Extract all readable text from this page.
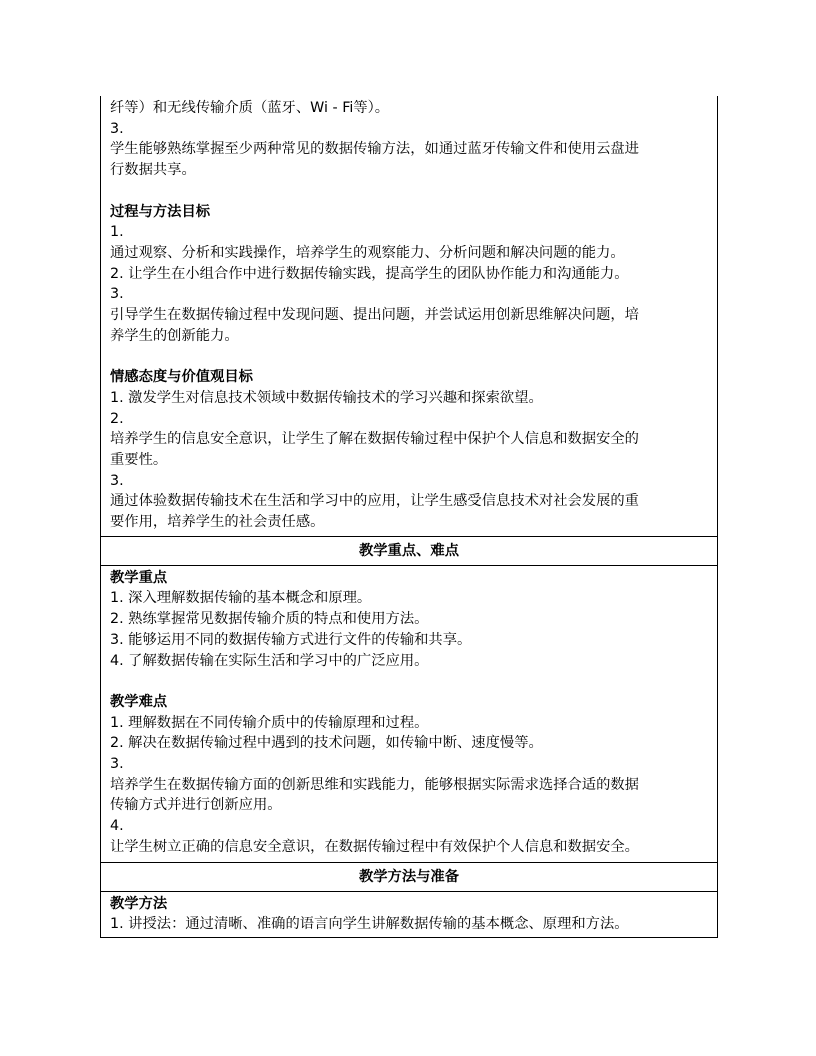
纤等）和无线传输介质（蓝牙、Wi - Fi等）。
3.
学生能够熟练掌握至少两种常见的数据传输方法，如通过蓝牙传输文件和使用云盘进
行数据共享。
过程与方法目标
1.
通过观察、分析和实践操作，培养学生的观察能力、分析问题和解决问题的能力。
2. 让学生在小组合作中进行数据传输实践，提高学生的团队协作能力和沟通能力。
3.
引导学生在数据传输过程中发现问题、提出问题，并尝试运用创新思维解决问题，培
养学生的创新能力。
情感态度与价值观目标
1. 激发学生对信息技术领域中数据传输技术的学习兴趣和探索欲望。
2.
培养学生的信息安全意识，让学生了解在数据传输过程中保护个人信息和数据安全的
重要性。
3.
通过体验数据传输技术在生活和学习中的应用，让学生感受信息技术对社会发展的重
要作用，培养学生的社会责任感。
教学重点、难点
教学重点
1. 深入理解数据传输的基本概念和原理。
2. 熟练掌握常见数据传输介质的特点和使用方法。
3. 能够运用不同的数据传输方式进行文件的传输和共享。
4. 了解数据传输在实际生活和学习中的广泛应用。
教学难点
1. 理解数据在不同传输介质中的传输原理和过程。
2. 解决在数据传输过程中遇到的技术问题，如传输中断、速度慢等。
3.
培养学生在数据传输方面的创新思维和实践能力，能够根据实际需求选择合适的数据
传输方式并进行创新应用。
4.
让学生树立正确的信息安全意识，在数据传输过程中有效保护个人信息和数据安全。
教学方法与准备
教学方法
1. 讲授法：通过清晰、准确的语言向学生讲解数据传输的基本概念、原理和方法。
